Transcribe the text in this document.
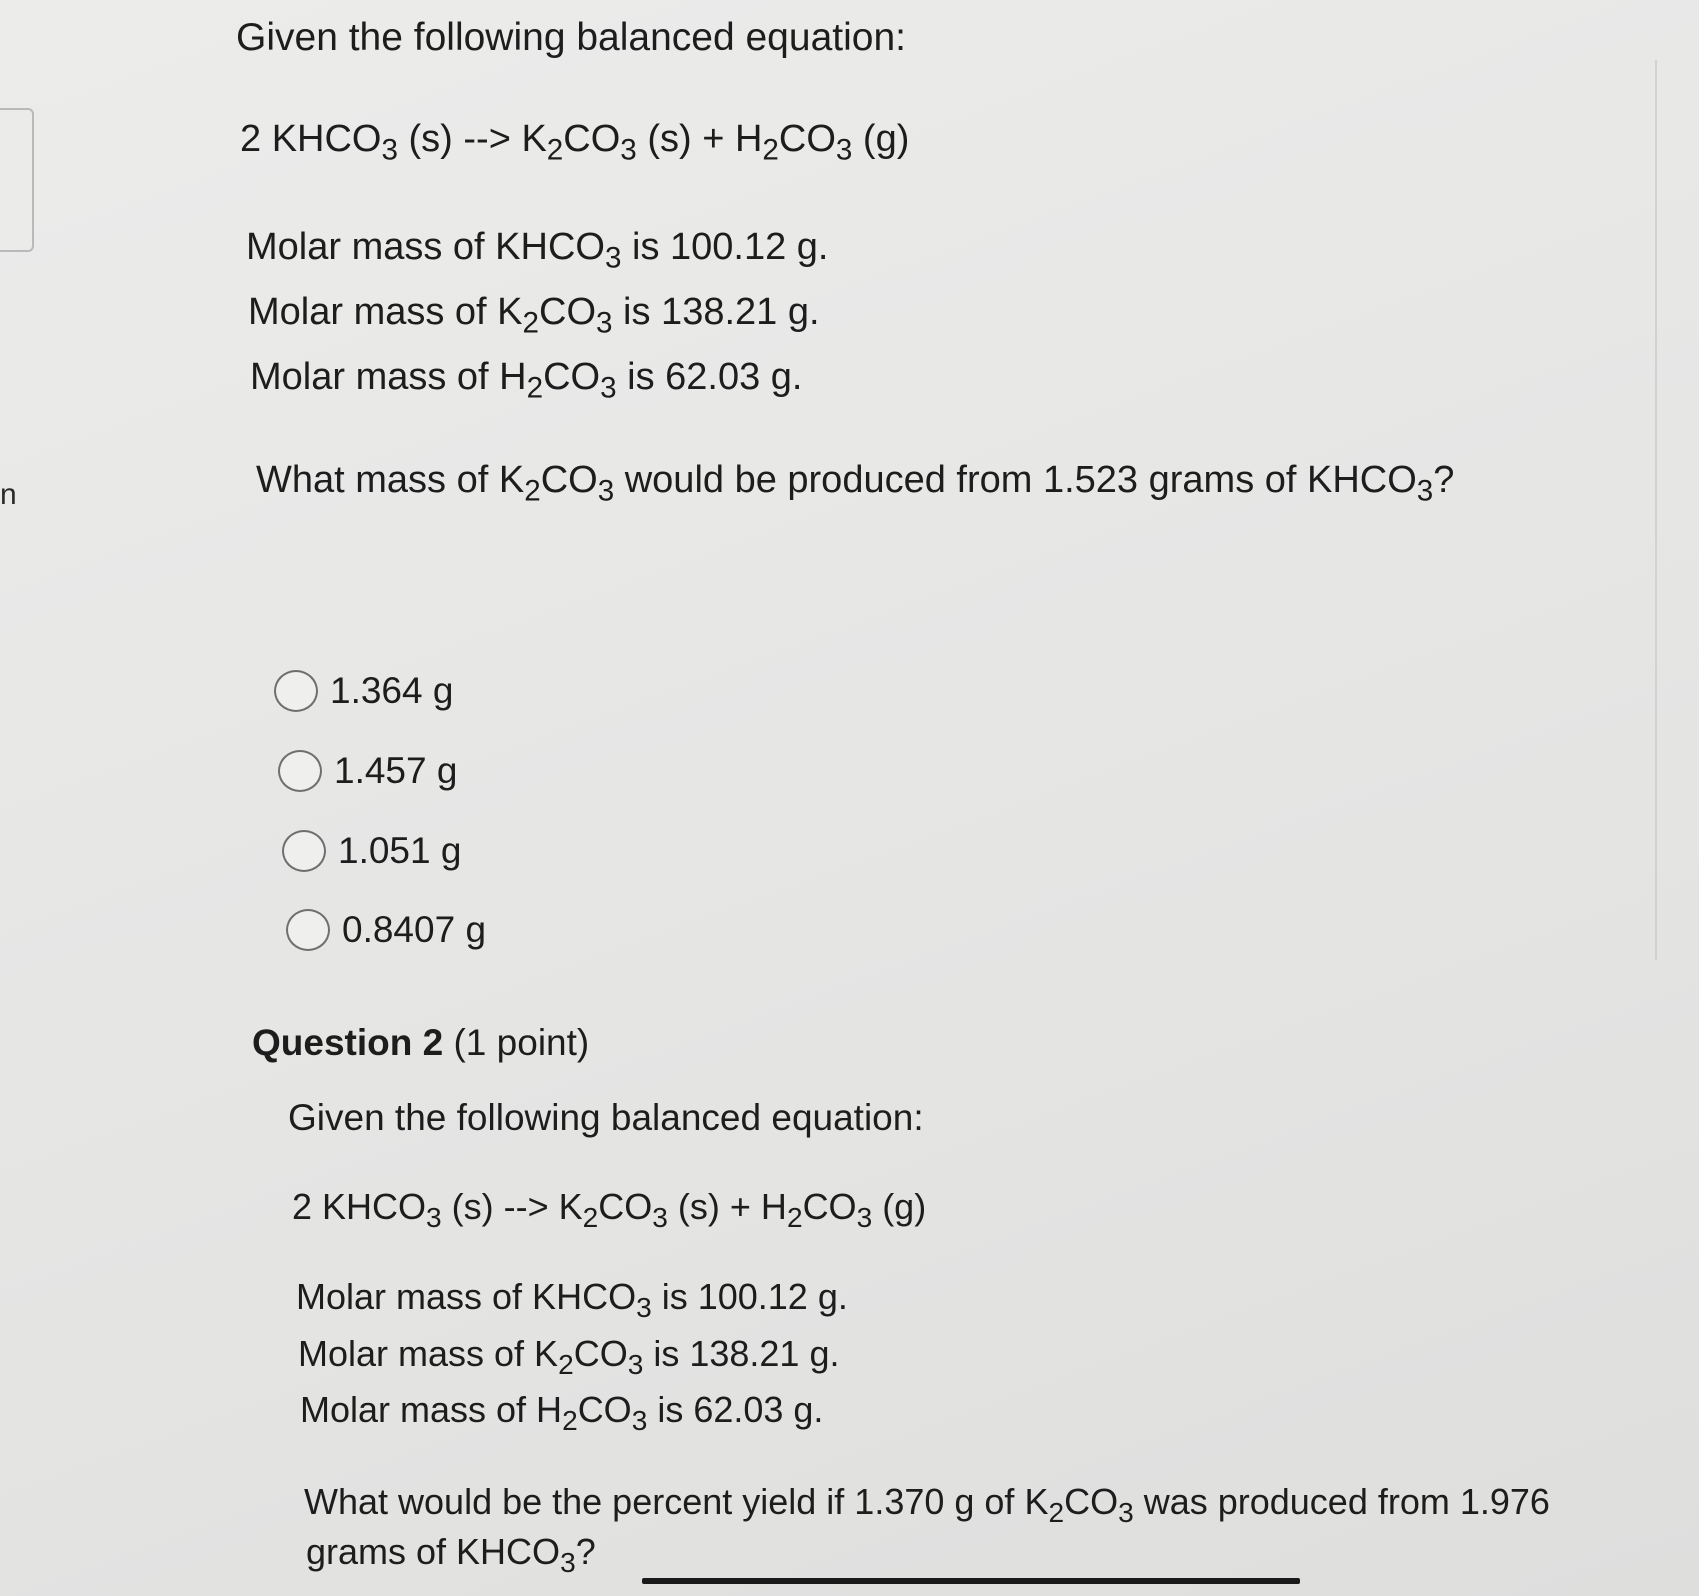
n
Given the following balanced equation:
2 $KHCO_3$ (s) --> $K_2CO_3$ $(s) + H_2CO_3$ (g)
Molar mass of $KHCO_3$ is 100.12 g.
Molar mass of $K_2CO_3$ is 138.21 g.
Molar mass of $H_2CO_3$ is 62.03 g.
What mass of $K_2CO_3$ would be produced from 1.523 grams of $KHCO_3$?
1.364 g
1.457 g
1.051 g
0.8407 g
Question 2 (1 point)
Given the following balanced equation:
2 $KHCO_3$ (s) --> $K_2CO_3$ $(s) + H_2CO_3$ (g)
Molar mass of $KHCO_3$ is 100.12 g.
Molar mass of $K_2CO_3$ is 138.21 g.
Molar mass of $H_2CO_3$ is 62.03 g.
What would be the percent yield if 1.370 g of $K_2CO_3$ was produced from 1.976
grams of $KHCO_3$?
